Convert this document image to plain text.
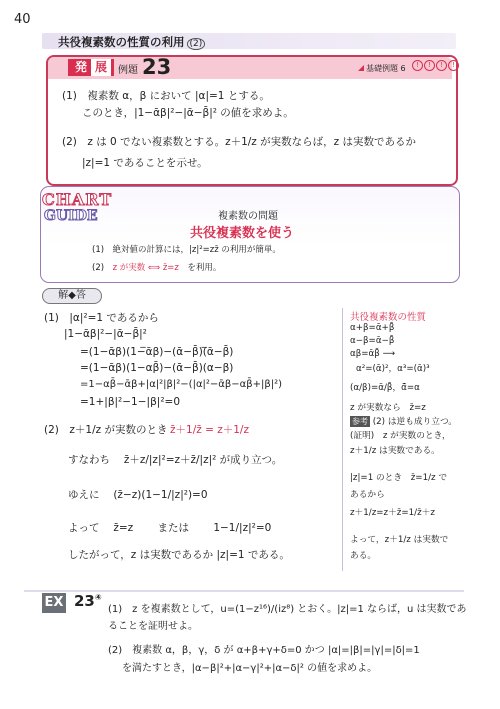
40
共役複素数の性質の利用 (2)
発 展	例題 23	基礎例題 6	!	!	!	!
(1)　複素数 α，β において |α|=1 とする。
このとき，|1−ᾱβ|²−|ᾱ−β̄|² の値を求めよ。
(2)　z は 0 でない複素数とする。z＋1/z が実数ならば，z は実数であるか
|z|=1 であることを示せ。
CHART
GUIDE	複素数の問題
共役複素数を使う
(1)　絶対値の計算には，|z|²=zz̄ の利用が簡単。
(2)　 z が実数 ⟺ z̄=z　 を利用。
解◆答
(1)　|α|²=1 であるから
|1−ᾱβ|²−|ᾱ−β̄|²
=(1−ᾱβ)(1−̅ᾱβ)−(ᾱ−β̄)(̅ᾱ−β̄)
=(1−ᾱβ)(1−αβ̄)−(ᾱ−β̄)(α−β)
=1−αβ̄−ᾱβ+|α|²|β|²−(|α|²−ᾱβ−αβ̄+|β|²)
=1+|β|²−1−|β|²=0
(2)　z＋1/z が実数のとき z̄＋1/z̄ = z＋1/z
すなわち　 z̄＋z/|z|²=z＋z̄/|z|² が成り立つ。
ゆえに　 (z̄−z)(1−1/|z|²)=0
よって　 z̄=z　　 または　　 1−1/|z|²=0
したがって，z は実数であるか |z|=1 である。
共役複素数の性質
α+β=ᾱ+β̄
α−β=ᾱ−β̄
αβ=ᾱβ̄ ⟶
α²=(ᾱ)²，α³=(ᾱ)³
(α/β)=ᾱ/β̄，ᾱ̄=α
z が実数なら　z̄=z
参考 (2) は逆も成り立つ。
(証明)　z が実数のとき，
z＋1/z は実数である。
|z|=1 のとき　z̄=1/z で
あるから
z＋1/z=z＋z̄=1/z̄＋z
よって，z＋1/z は実数で
ある。
EX 23④
(1)　z を複素数として，u=(1−z¹⁶)/(iz⁸) とおく。|z|=1 ならば，u は実数であ
ることを証明せよ。
(2)　複素数 α，β，γ，δ が α+β+γ+δ=0 かつ |α|=|β|=|γ|=|δ|=1
を満たすとき，|α−β|²+|α−γ|²+|α−δ|² の値を求めよ。
